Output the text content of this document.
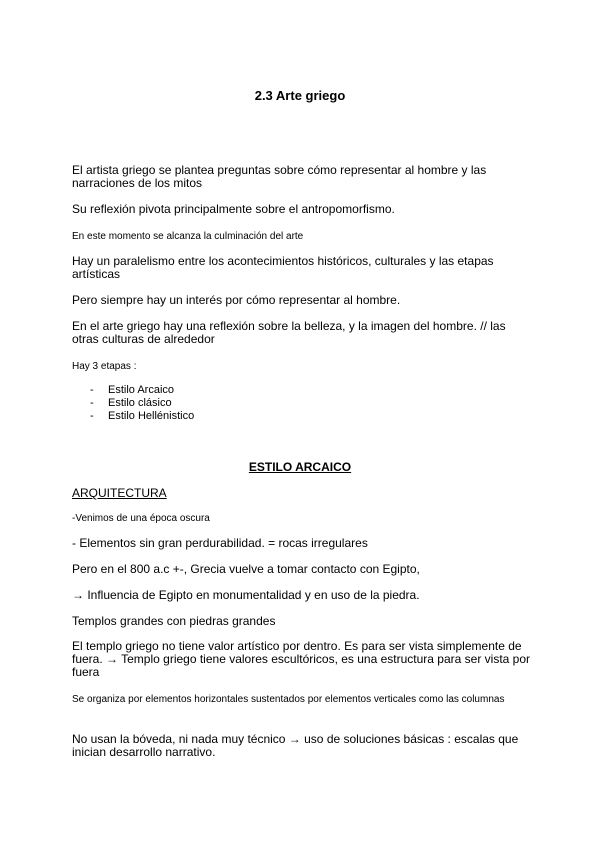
2.3 Arte griego

El artista griego se plantea preguntas sobre cómo representar al hombre y las narraciones de los mitos

Su reflexión pivota principalmente sobre el antropomorfismo.

En este momento se alcanza la culminación del arte

Hay un paralelismo entre los acontecimientos históricos, culturales y las etapas artísticas

Pero siempre hay un interés por cómo representar al hombre.

En el arte griego hay una reflexión sobre la belleza, y la imagen del hombre. // las otras culturas de alrededor

Hay 3 etapas :

-	Estilo Arcaico
-	Estilo clásico
-	Estilo Hellénistico
ESTILO ARCAICO

ARQUITECTURA

-Venimos de una época oscura

- Elementos sin gran perdurabilidad. = rocas irregulares

Pero en el 800 a.c +-, Grecia vuelve a tomar contacto con Egipto,

→ Influencia de Egipto en monumentalidad y en uso de la piedra.

Templos grandes con piedras grandes

El templo griego no tiene valor artístico por dentro. Es para ser vista simplemente de fuera. → Templo griego tiene valores escultóricos, es una estructura para ser vista por fuera

Se organiza por elementos horizontales sustentados por elementos verticales como las columnas

No usan la bóveda, ni nada muy técnico → uso de soluciones básicas : escalas que inician desarrollo narrativo.
